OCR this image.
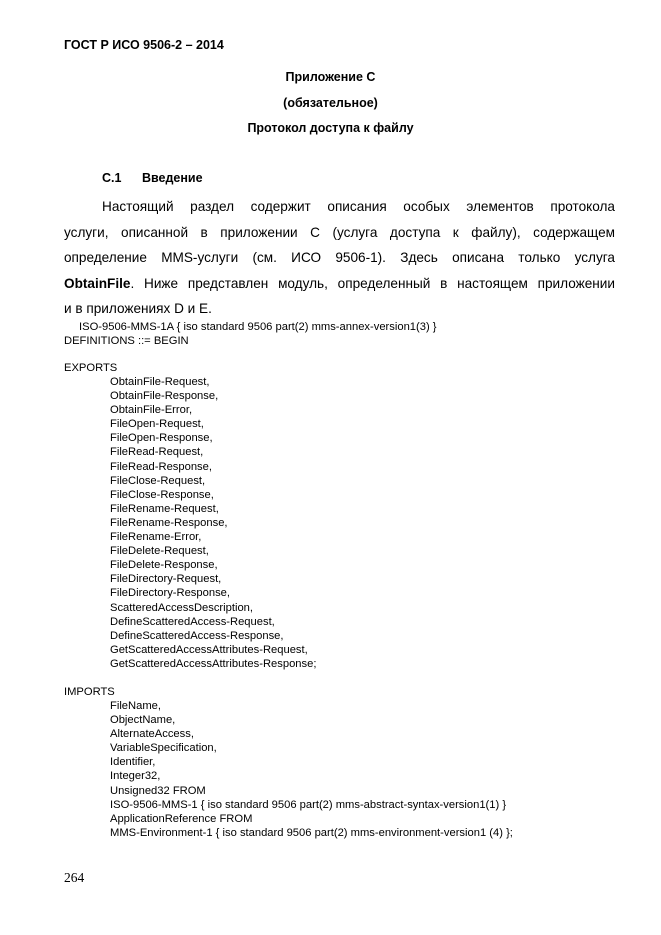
ГОСТ Р ИСО 9506-2 – 2014
Приложение С
(обязательное)
Протокол доступа к файлу
С.1 Введение
Настоящий раздел содержит описания особых элементов протокола
услуги, описанной в приложении С (услуга доступа к файлу), содержащем
определение MMS-услуги (см. ИСО 9506-1). Здесь описана только услуга
ObtainFile. Ниже представлен модуль, определенный в настоящем приложении
и в приложениях D и E.
ISO-9506-MMS-1A { iso standard 9506 part(2) mms-annex-version1(3) }
DEFINITIONS ::= BEGIN
EXPORTS
ObtainFile-Request,
ObtainFile-Response,
ObtainFile-Error,
FileOpen-Request,
FileOpen-Response,
FileRead-Request,
FileRead-Response,
FileClose-Request,
FileClose-Response,
FileRename-Request,
FileRename-Response,
FileRename-Error,
FileDelete-Request,
FileDelete-Response,
FileDirectory-Request,
FileDirectory-Response,
ScatteredAccessDescription,
DefineScatteredAccess-Request,
DefineScatteredAccess-Response,
GetScatteredAccessAttributes-Request,
GetScatteredAccessAttributes-Response;
IMPORTS
FileName,
ObjectName,
AlternateAccess,
VariableSpecification,
Identifier,
Integer32,
Unsigned32 FROM
ISO-9506-MMS-1 { iso standard 9506 part(2) mms-abstract-syntax-version1(1) }
ApplicationReference FROM
MMS-Environment-1 { iso standard 9506 part(2) mms-environment-version1 (4) };
264
